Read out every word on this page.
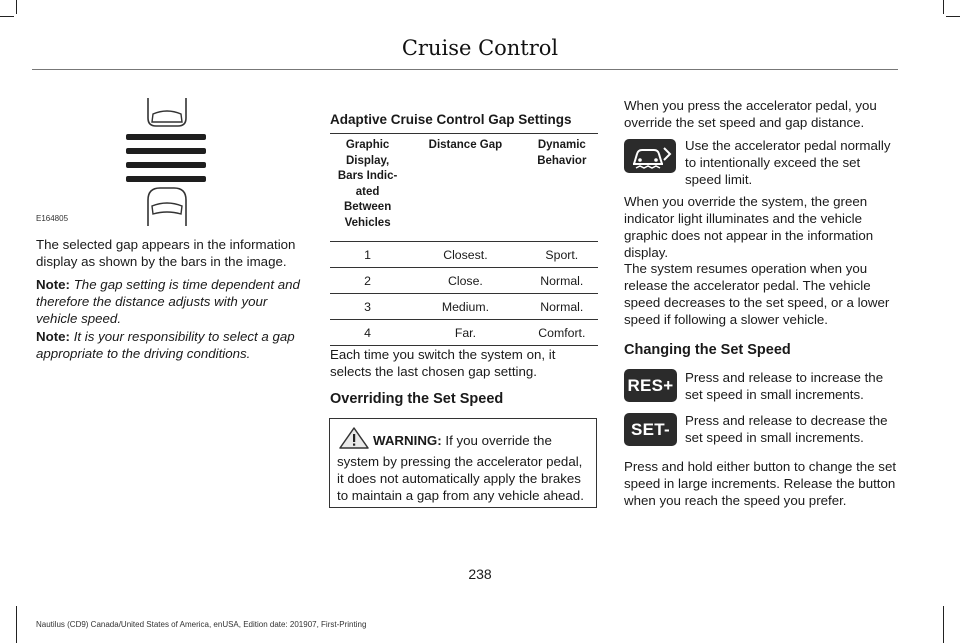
Cruise Control
E164805

The selected gap appears in the information display as shown by the bars in the image.

Note: The gap setting is time dependent and therefore the distance adjusts with your vehicle speed.

Note: It is your responsibility to select a gap appropriate to the driving conditions.

Adaptive Cruise Control Gap Settings
Graphic Display, Bars Indic-ated Between Vehicles	Distance Gap	Dynamic Behavior
1	Closest.	Sport.
2	Close.	Normal.
3	Medium.	Normal.
4	Far.	Comfort.

Each time you switch the system on, it selects the last chosen gap setting.

Overriding the Set Speed
WARNING: If you override the system by pressing the accelerator pedal, it does not automatically apply the brakes to maintain a gap from any vehicle ahead.

When you press the accelerator pedal, you override the set speed and gap distance.

Use the accelerator pedal normally to intentionally exceed the set speed limit.

When you override the system, the green indicator light illuminates and the vehicle graphic does not appear in the information display.

The system resumes operation when you release the accelerator pedal. The vehicle speed decreases to the set speed, or a lower speed if following a slower vehicle.

Changing the Set Speed
RES+ Press and release to increase the set speed in small increments.

SET- Press and release to decrease the set speed in small increments.

Press and hold either button to change the set speed in large increments. Release the button when you reach the speed you prefer.

238
Nautilus (CD9) Canada/United States of America, enUSA, Edition date: 201907, First-Printing
